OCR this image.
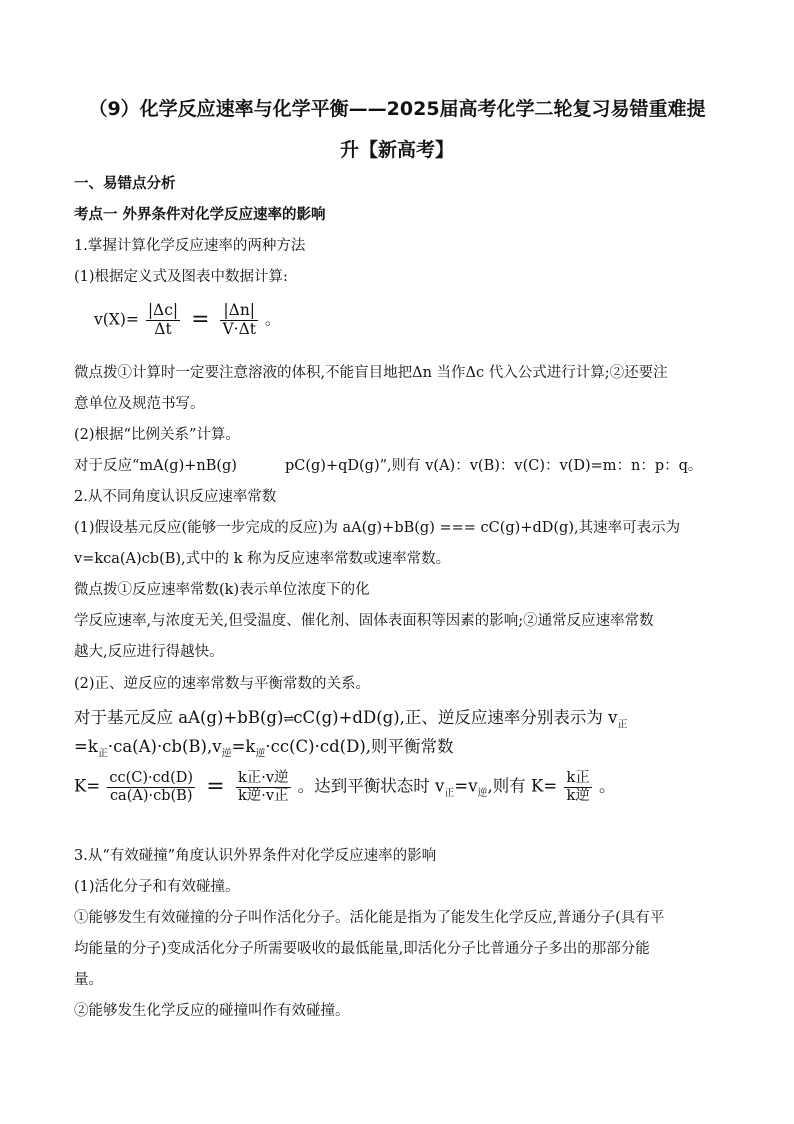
（9）化学反应速率与化学平衡——2025届高考化学二轮复习易错重难提
升【新高考】
一、易错点分析
考点一 外界条件对化学反应速率的影响
1.掌握计算化学反应速率的两种方法
(1)根据定义式及图表中数据计算:
$v(X)= \frac{|\Delta c|}{\Delta t} = \frac{|\Delta n|}{V\cdot\Delta t}$ 。
微点拨①计算时一定要注意溶液的体积,不能盲目地把Δn 当作Δc 代入公式进行计算;②还要注
意单位及规范书写。
(2)根据“比例关系”计算。
对于反应“mA(g)+nB(g)	pC(g)+qD(g)”,则有 v(A)：v(B)：v(C)：v(D)=m：n：p：q。
2.从不同角度认识反应速率常数
(1)假设基元反应(能够一步完成的反应)为 aA(g)+bB(g) === cC(g)+dD(g),其速率可表示为
v=kca(A)cb(B),式中的 k 称为反应速率常数或速率常数。
微点拨①反应速率常数(k)表示单位浓度下的化
学反应速率,与浓度无关,但受温度、催化剂、固体表面积等因素的影响;②通常反应速率常数
越大,反应进行得越快。
(2)正、逆反应的速率常数与平衡常数的关系。
对于基元反应 aA(g)+bB(g)⇌cC(g)+dD(g),正、逆反应速率分别表示为 $v_正$
$=k_正\cdot ca(A)\cdot cb(B),v_逆=k_逆\cdot cc(C)\cdot cd(D)$,则平衡常数
$K= \frac{cc(C)\cdot cd(D)}{ca(A)\cdot cb(B)} = \frac{\text{k正·v逆}}{\text{k逆·v正}}$ 。达到平衡状态时 $v_正=v_逆$,则有 $K= \frac{\text{k正}}{\text{k逆}}$ 。
3.从“有效碰撞”角度认识外界条件对化学反应速率的影响
(1)活化分子和有效碰撞。
①能够发生有效碰撞的分子叫作活化分子。活化能是指为了能发生化学反应,普通分子(具有平
均能量的分子)变成活化分子所需要吸收的最低能量,即活化分子比普通分子多出的那部分能
量。
②能够发生化学反应的碰撞叫作有效碰撞。
